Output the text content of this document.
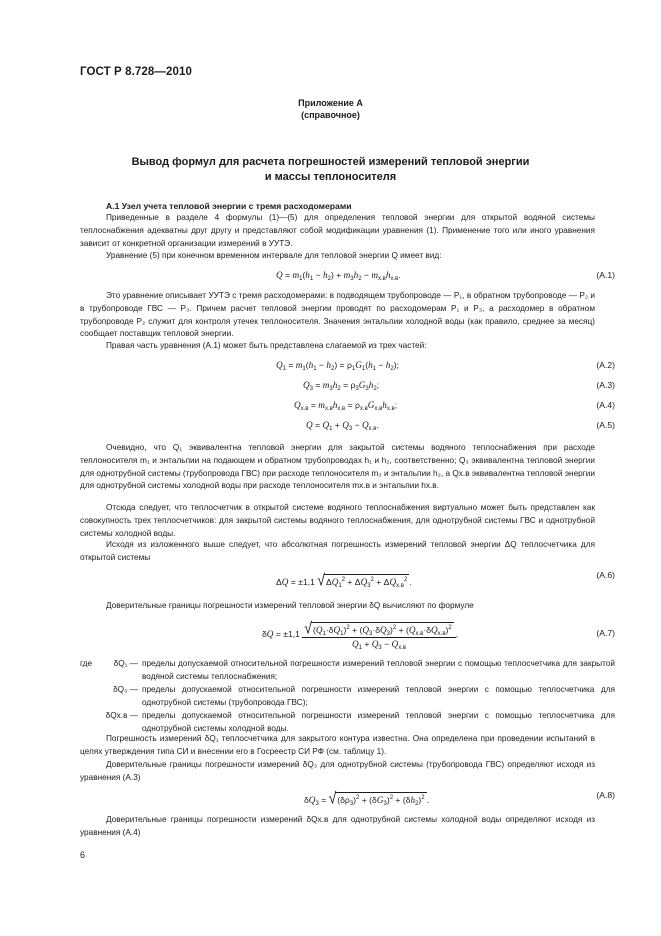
ГОСТ Р 8.728—2010
Приложение А
(справочное)
Вывод формул для расчета погрешностей измерений тепловой энергии
и массы теплоносителя
А.1 Узел учета тепловой энергии с тремя расходомерами
Приведенные в разделе 4 формулы (1)—(5) для определения тепловой энергии для открытой водяной системы теплоснабжения адекватны друг другу и представляют собой модификации уравнения (1). Применение того или иного уравнения зависит от конкретной организации измерений в УУТЭ.
Уравнение (5) при конечном временном интервале для тепловой энергии Q имеет вид:
$Q = m_1(h_1 - h_2) + m_3h_2 - m_{х.в}h_{х.в}$.	(А.1)
Это уравнение описывает УУТЭ с тремя расходомерами: в подводящем трубопроводе — P₁, в обратном трубопроводе — P₂ и в трубопроводе ГВС — P₃. Причем расчет тепловой энергии проводят по расходомерам P₁ и P₃, а расходомер в обратном трубопроводе P₂ служит для контроля утечек теплоносителя. Значения энтальпии холодной воды (как правило, среднее за месяц) сообщает поставщик тепловой энергии.
Правая часть уравнения (А.1) может быть представлена слагаемой из трех частей:
$Q_1 = m_1(h_1 - h_2) = \rho_1G_1(h_1 - h_2)$;	(А.2)
$Q_3 = m_3h_2 = \rho_3G_3h_2$;	(А.3)
$Q_{х.в} = m_{х.в}h_{х.в} = \rho_{х.в}G_{х.в}h_{х.в}$;	(А.4)
$Q = Q_1 + Q_3 - Q_{х.в}$.	(А.5)
Очевидно, что Q₁ эквивалентна тепловой энергии для закрытой системы водяного теплоснабжения при расходе теплоносителя m₁ и энтальпии на подающем и обратном трубопроводах h₁ и h₂, соответственно; Q₃ эквивалентна тепловой энергии для однотрубной системы (трубопровода ГВС) при расходе теплоносителя m₃ и энтальпии h₂, а Qх.в эквивалентна тепловой энергии для однотрубной системы холодной воды при расходе теплоносителя mх.в и энтальпии hх.в.
Отсюда следует, что теплосчетчик в открытой системе водяного теплоснабжения виртуально может быть представлен как совокупность трех теплосчетчиков: для закрытой системы водяного теплоснабжения, для однотрубной системы ГВС и однотрубной системы холодной воды.
Исходя из изложенного выше следует, что абсолютная погрешность измерений тепловой энергии ΔQ теплосчетчика для открытой системы
ΔQ = ±1,1 $√\Delta Q_1^2 + \Delta Q_3^2 + \Delta Q_{х.в}^2$ .
(А.6)
Доверительные границы погрешности измерений тепловой энергии δQ вычисляют по формуле
$\delta Q = \pm 1,1 \frac{√(Q_1\cdot\delta Q_1)^2 + (Q_3\cdot\delta Q_3)^2 + (Q_{х.в}\cdot\delta Q_{х.в})^2}{Q_1 + Q_3 - Q_{х.в}}$ ,	(А.7)
где	δQ₁ — пределы допускаемой относительной погрешности измерений тепловой энергии с помощью теплосчетчика для закрытой водяной системы теплоснабжения;
δQ₃ — пределы допускаемой относительной погрешности измерений тепловой энергии с помощью теплосчетчика для однотрубной системы (трубопровода ГВС);
δQх.в — пределы допускаемой относительной погрешности измерений тепловой энергии с помощью теплосчетчика для однотрубной системы холодной воды.
Погрешность измерений δQ₁ теплосчетчика для закрытого контура известна. Она определена при проведении испытаний в целях утверждения типа СИ и внесении его в Госреестр СИ РФ (см. таблицу 1).
Доверительные границы погрешности измерений δQ₃ для однотрубной системы (трубопровода ГВС) определяют исходя из уравнения (А.3)
$\delta Q_3 = √(\delta\rho_3)^2 + (\delta G_3)^2 + (\delta h_2)^2$ .	(А.8)
Доверительные границы погрешности измерений δQх.в для однотрубной системы холодной воды определяют исходя из уравнения (А.4)
6
